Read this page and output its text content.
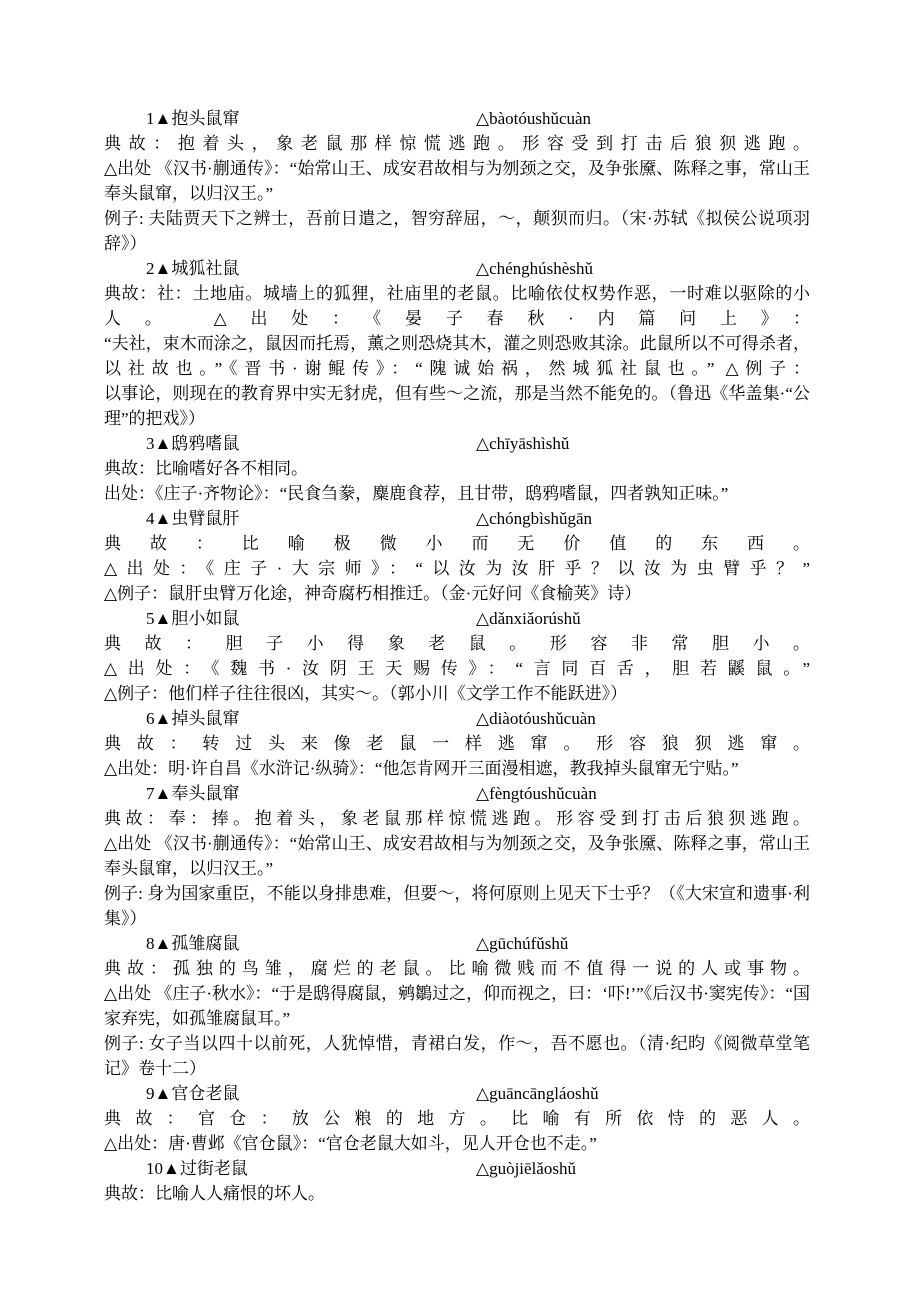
1▲抱头鼠窜	△bàotóushǔcuàn

典故：抱着头，象老鼠那样惊慌逃跑。形容受到打击后狼狈逃跑。

△出处 《汉书·蒯通传》：“始常山王、成安君故相与为刎颈之交，及争张黡、陈释之事，常山王奉头鼠窜，以归汉王。”

例子: 夫陆贾天下之辨士，吾前日遣之，智穷辞屈，～，颠狈而归。（宋·苏轼《拟侯公说项羽辞》）

2▲城狐社鼠	△chénghúshèshǔ

典故：社：土地庙。城墙上的狐狸，社庙里的老鼠。比喻依仗权势作恶，一时难以驱除的小人。 △出处：《晏子春秋·内篇问上》：

“夫社，束木而涂之，鼠因而托焉，薰之则恐烧其木，灌之则恐败其涂。此鼠所以不可得杀者，以社故也。”《晋书·谢鲲传》：“隗诚始祸，然城狐社鼠也。” △例子：

以事论，则现在的教育界中实无豺虎，但有些～之流，那是当然不能免的。（鲁迅《华盖集·“公理”的把戏》）

3▲鸱鸦嗜鼠	△chīyāshìshǔ

典故：比喻嗜好各不相同。

出处：《庄子·齐物论》：“民食刍豢，麋鹿食荐，且甘带，鸱鸦嗜鼠，四者孰知正味。”

4▲虫臂鼠肝	△chóngbìshǔgān

典故：比喻极微小而无价值的东西。

△出处：《庄子·大宗师》：“以汝为汝肝乎？以汝为虫臂乎？”

△例子：鼠肝虫臂万化途，神奇腐朽相推迁。（金·元好问《食榆荚》诗）

5▲胆小如鼠	△dǎnxiǎorúshǔ

典故：胆子小得象老鼠。形容非常胆小。

△出处：《魏书·汝阴王天赐传》：“言同百舌，胆若鼷鼠。”

△例子：他们样子往往很凶，其实～。（郭小川《文学工作不能跃进》）

6▲掉头鼠窜	△diàotóushǔcuàn

典故：转过头来像老鼠一样逃窜。形容狼狈逃窜。

△出处：明·许自昌《水浒记·纵骑》：“他怎肯网开三面漫相遮，教我掉头鼠窜无宁贴。”

7▲奉头鼠窜	△fèngtóushǔcuàn

典故：奉：捧。抱着头，象老鼠那样惊慌逃跑。形容受到打击后狼狈逃跑。

△出处 《汉书·蒯通传》：“始常山王、成安君故相与为刎颈之交，及争张黡、陈释之事，常山王奉头鼠窜，以归汉王。”

例子: 身为国家重臣，不能以身排患难，但要～，将何原则上见天下士乎？（《大宋宣和遗事·利集》）

8▲孤雏腐鼠	△gūchúfǔshǔ

典故：孤独的鸟雏，腐烂的老鼠。比喻微贱而不值得一说的人或事物。

△出处 《庄子·秋水》：“于是鸱得腐鼠，鹓鶵过之，仰而视之，曰：‘吓!’”《后汉书·窦宪传》：“国家弃宪，如孤雏腐鼠耳。”

例子: 女子当以四十以前死，人犹悼惜，青裙白发，作～，吾不愿也。（清·纪昀《阅微草堂笔记》卷十二）

9▲官仓老鼠	△guāncāngláoshǔ

典故：官仓：放公粮的地方。比喻有所依恃的恶人。

△出处：唐·曹邺《官仓鼠》：“官仓老鼠大如斗，见人开仓也不走。”

10▲过街老鼠	△guòjiēlǎoshǔ

典故：比喻人人痛恨的坏人。
